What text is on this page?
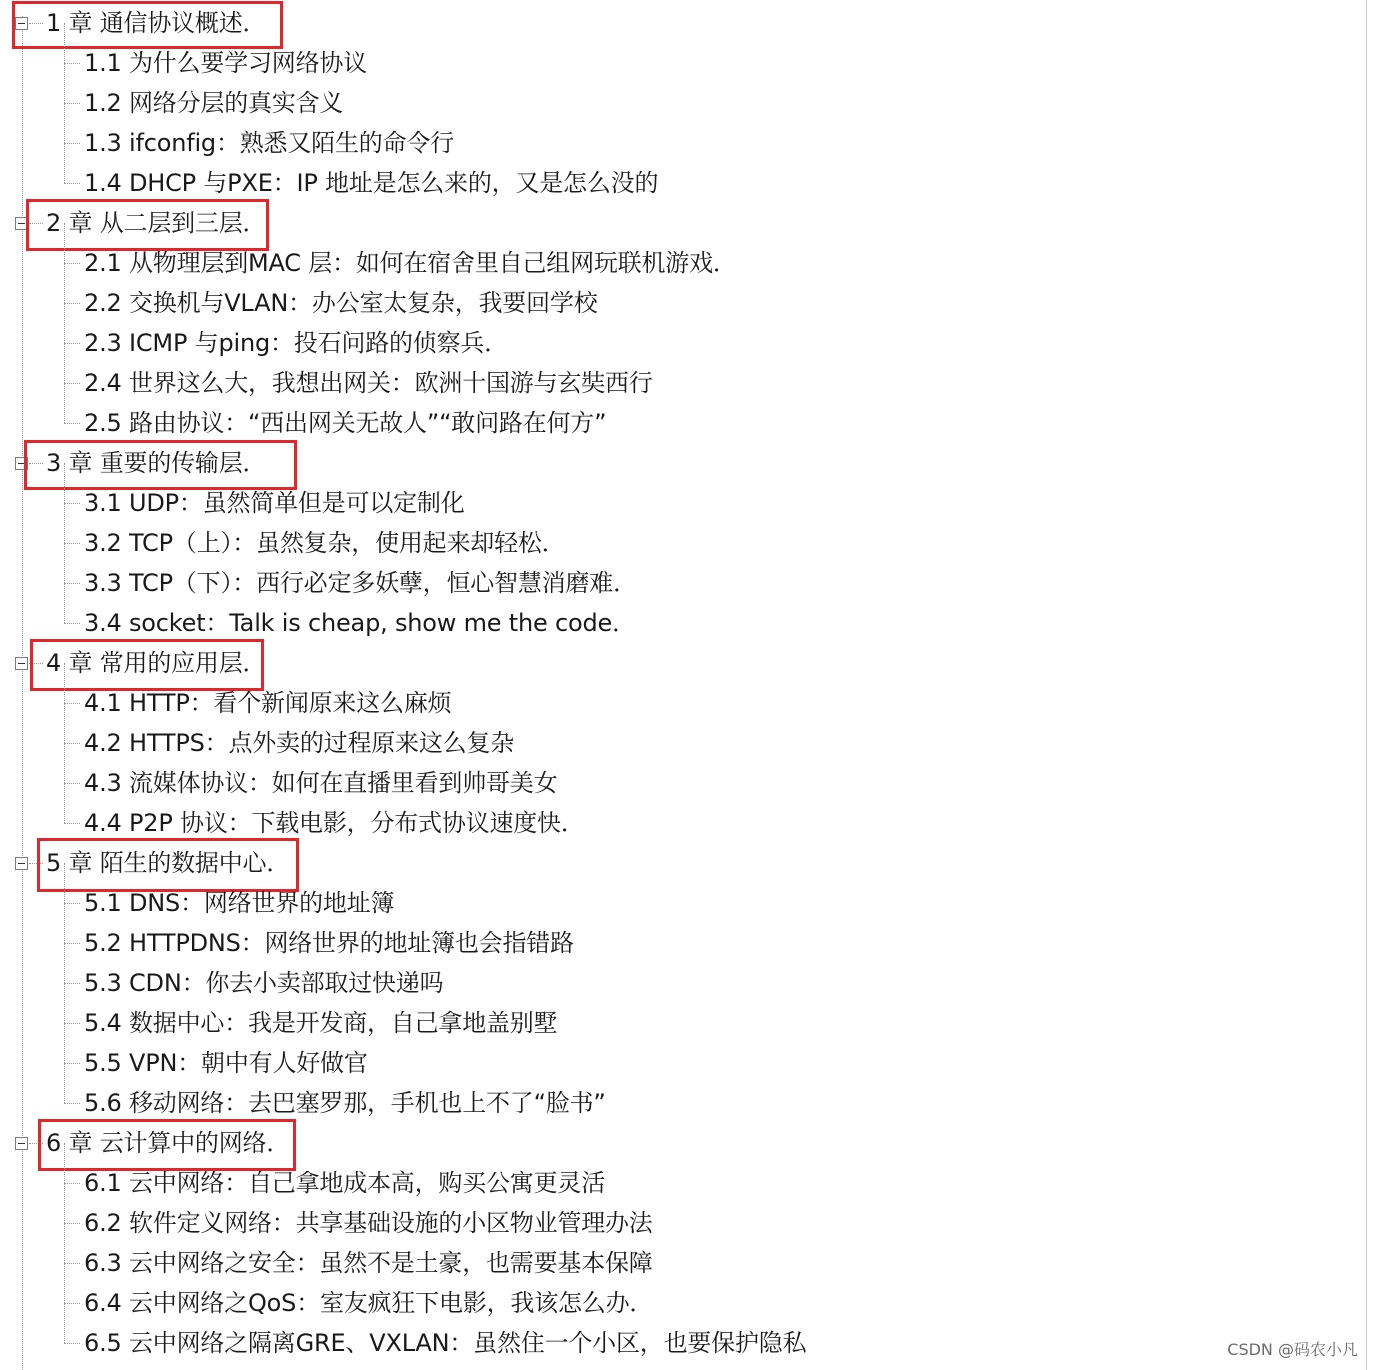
1 章 通信协议概述．
1.1 为什么要学习网络协议
1.2 网络分层的真实含义
1.3 ifconfig：熟悉又陌生的命令行
1.4 DHCP 与PXE：IP 地址是怎么来的，又是怎么没的
2 章 从二层到三层．
2.1 从物理层到MAC 层：如何在宿舍里自己组网玩联机游戏．
2.2 交换机与VLAN：办公室太复杂，我要回学校
2.3 ICMP 与ping：投石问路的侦察兵．
2.4 世界这么大，我想出网关：欧洲十国游与玄奘西行
2.5 路由协议：“西出网关无故人”“敢问路在何方”
3 章 重要的传输层．
3.1 UDP：虽然简单但是可以定制化
3.2 TCP（上）：虽然复杂，使用起来却轻松．
3.3 TCP（下）：西行必定多妖孽，恒心智慧消磨难．
3.4 socket：Talk is cheap, show me the code．
4 章 常用的应用层．
4.1 HTTP：看个新闻原来这么麻烦
4.2 HTTPS：点外卖的过程原来这么复杂
4.3 流媒体协议：如何在直播里看到帅哥美女
4.4 P2P 协议：下载电影，分布式协议速度快．
5 章 陌生的数据中心．
5.1 DNS：网络世界的地址簿
5.2 HTTPDNS：网络世界的地址簿也会指错路
5.3 CDN：你去小卖部取过快递吗
5.4 数据中心：我是开发商，自己拿地盖别墅
5.5 VPN：朝中有人好做官
5.6 移动网络：去巴塞罗那，手机也上不了“脸书”
6 章 云计算中的网络．
6.1 云中网络：自己拿地成本高，购买公寓更灵活
6.2 软件定义网络：共享基础设施的小区物业管理办法
6.3 云中网络之安全：虽然不是土豪，也需要基本保障
6.4 云中网络之QoS：室友疯狂下电影，我该怎么办．
6.5 云中网络之隔离GRE、VXLAN：虽然住一个小区，也要保护隐私	CSDN @码农小凡
